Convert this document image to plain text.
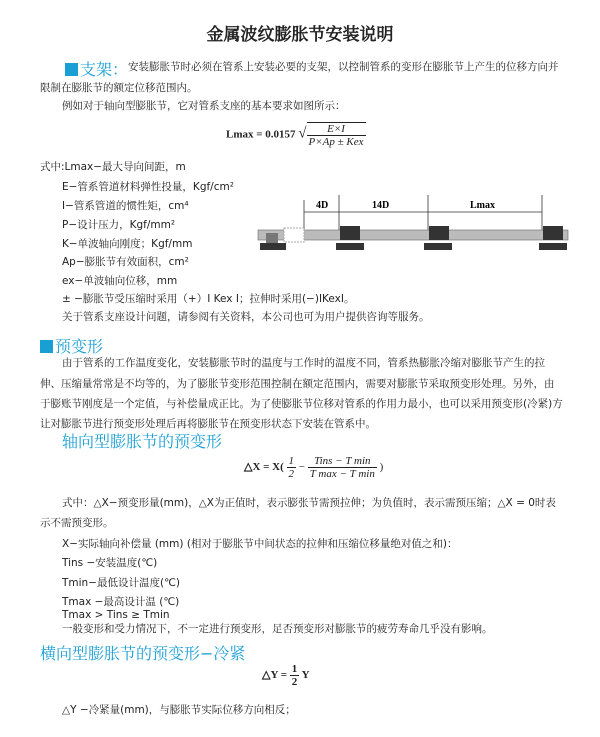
金属波纹膨胀节安装说明
支架： 安装膨胀节时必须在管系上安装必要的支架，以控制管系的变形在膨胀节上产生的位移方向并
限制在膨胀节的额定位移范围内。
例如对于轴向型膨胀节，它对管系支座的基本要求如图所示：
Lmax = 0.0157 √ $\frac{E\times I}{\text{P×Ap ± Kex}}$
式中:Lmax−最大导向间距，m
E−管系管道材料弹性投量，Kgf/cm²
I−管系管道的惯性矩，cm⁴
P−设计压力，Kgf/mm²
K−单波轴向刚度；Kgf/mm
Ap−膨胀节有效面积，cm²
ex−单波轴向位移，mm
± −膨胀节受压缩时采用（+）I Kex I；拉伸时采用(−)IKexI。
关于管系支座设计问题，请参阅有关资料，本公司也可为用户提供咨询等服务。
4D	14D	Lmax
预变形
由于管系的工作温度变化，安装膨胀节时的温度与工作时的温度不同，管系热膨胀冷缩对膨胀节产生的拉
伸、压缩量常常是不均等的，为了膨胀节变形范围控制在额定范围内，需要对膨胀节采取预变形处理。另外，由
于膨账节刚度是一个定值，与补偿量成正比。为了使膨胀节位移对管系的作用力最小，也可以采用预变形(冷紧)方
让对膨胀节进行预变形处理后再将膨胀节在预变形状态下安装在管系中。
轴向型膨胀节的预变形
△X = $X( \frac{1}{2} - \frac{\text{Tins − T min}}{\text{T max − T min}}$ )
式中：△X−预变形量(mm)，△X为正值时，表示膨张节需预拉伸；为负值时，表示需预压缩；△X = 0时表
示不需预变形。
X−实际轴向补偿量 (mm) (相对于膨胀节中间状态的拉伸和压缩位移量绝对值之和)：
Tins −安装温度(℃)
Tmin−最低设计温度(℃)
Tmax −最高设计温 (℃)
Tmax > Tins ≥ Tmin
一般变形和受力情况下，不一定进行预变形，足否预变形对膨胀节的疲劳寿命几乎没有影响。
横向型膨胀节的预变形−冷紧
△Y = $\frac{1}{2}$ Y
△Y −冷紧量(mm)，与膨胀节实际位移方向相反；
